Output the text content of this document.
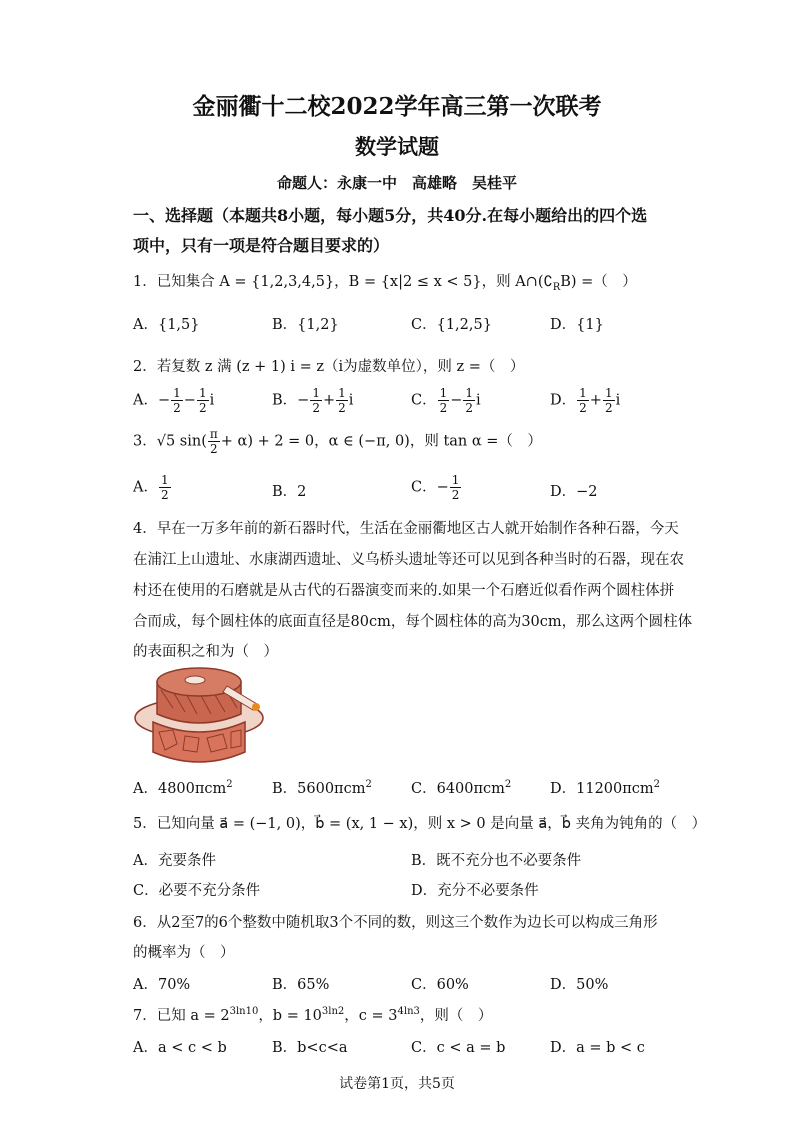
金丽衢十二校2022学年高三第一次联考
数学试题
命题人：永康一中　高雄略　吴桂平
一、选择题（本题共8小题，每小题5分，共40分.在每小题给出的四个选
项中，只有一项是符合题目要求的）
1．已知集合 A = {1,2,3,4,5}，B = {x|2 ≤ x < 5}，则 $A\cap(∁_RB)$ =（　）
A．{1,5}	B．{1,2}	C．{1,2,5}	D．{1}
2．若复数 z 满 (z + 1) i = z（i为虚数单位），则 z =（　）
A．− $\frac{1}{2} - \frac{1}{2}$ i	B．− $\frac{1}{2} + \frac{1}{2}$ i	C． $\frac{1}{2} - \frac{1}{2}$ i	D． $\frac{1}{2} + \frac{1}{2}$ i
3．√5 $\sin( \frac{\pi}{2} + \alpha) + 2 = 0$，α ∈ (−π, 0)，则 tan α =（　）
A． $\frac{1}{2}$	B．2	C．− $\frac{1}{2}$	D．−2
4．早在一万多年前的新石器时代，生活在金丽衢地区古人就开始制作各种石器，今天
在浦江上山遗址、水康湖西遗址、义乌桥头遗址等还可以见到各种当时的石器，现在农
村还在使用的石磨就是从古代的石器演变而来的.如果一个石磨近似看作两个圆柱体拼
合而成，每个圆柱体的底面直径是80cm，每个圆柱体的高为30cm，那么这两个圆柱体
的表面积之和为（　）
A．4800πcm$^2$	B．5600πcm$^2$	C．6400πcm$^2$	D．11200πcm$^2$
5．已知向量 a⃗ = (−1, 0)，b⃗ = (x, 1 − x)，则 x > 0 是向量 a⃗，b⃗ 夹角为钝角的（　）
A．充要条件	B．既不充分也不必要条件
C．必要不充分条件	D．充分不必要条件
6．从2至7的6个整数中随机取3个不同的数，则这三个数作为边长可以构成三角形
的概率为（　）
A．70%	B．65%	C．60%	D．50%
7．已知 $a = 2^{3ln10}$，$b = 10^{3ln2}$，$c = 3^{4ln3}$，则（　）
A．a < c < b	B．b<c<a	C．c < a = b	D．a = b < c
试卷第1页，共5页
